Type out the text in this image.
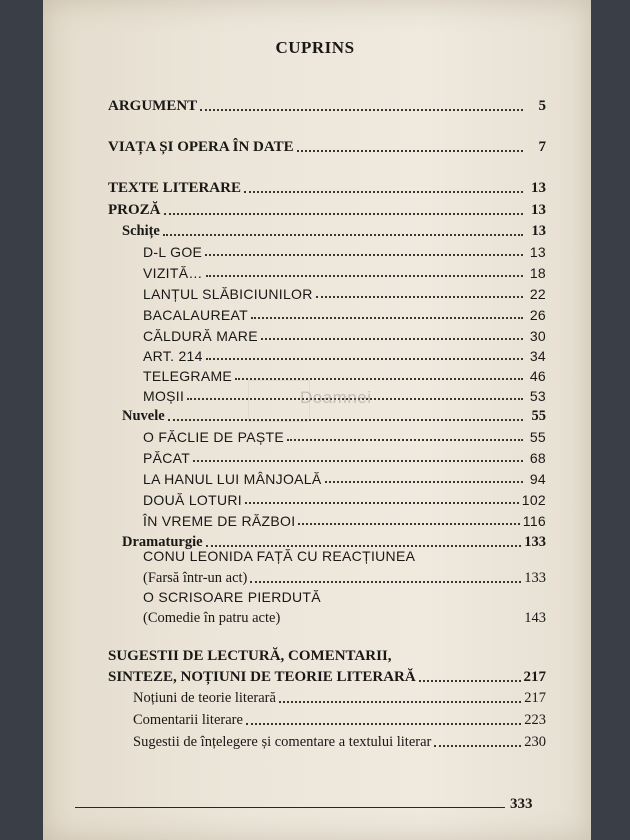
CUPRINS
ARGUMENT	5
VIAȚA ȘI OPERA ÎN DATE	7
TEXTE LITERARE	13
PROZĂ	13
Schițe	13
D-L GOE	13
VIZITĂ…	18
LANȚUL SLĂBICIUNILOR	22
BACALAUREAT	26
CĂLDURĂ MARE	30
ART. 214	34
TELEGRAME	46
MOȘII	53
Nuvele	55
O FĂCLIE DE PAȘTE	55
PĂCAT	68
LA HANUL LUI MÂNJOALĂ	94
DOUĂ LOTURI	102
ÎN VREME DE RĂZBOI	116
Dramaturgie	133
CONU LEONIDA FAȚĂ CU REACȚIUNEA
(Farsă într-un act)	133
O SCRISOARE PIERDUTĂ
(Comedie în patru acte)	143
SUGESTII DE LECTURĂ, COMENTARII,
SINTEZE, NOȚIUNI DE TEORIE LITERARĂ	217
Noțiuni de teorie literară	217
Comentarii literare	223
Sugestii de înțelegere și comentare a textului literar	230
Doamnei
333
